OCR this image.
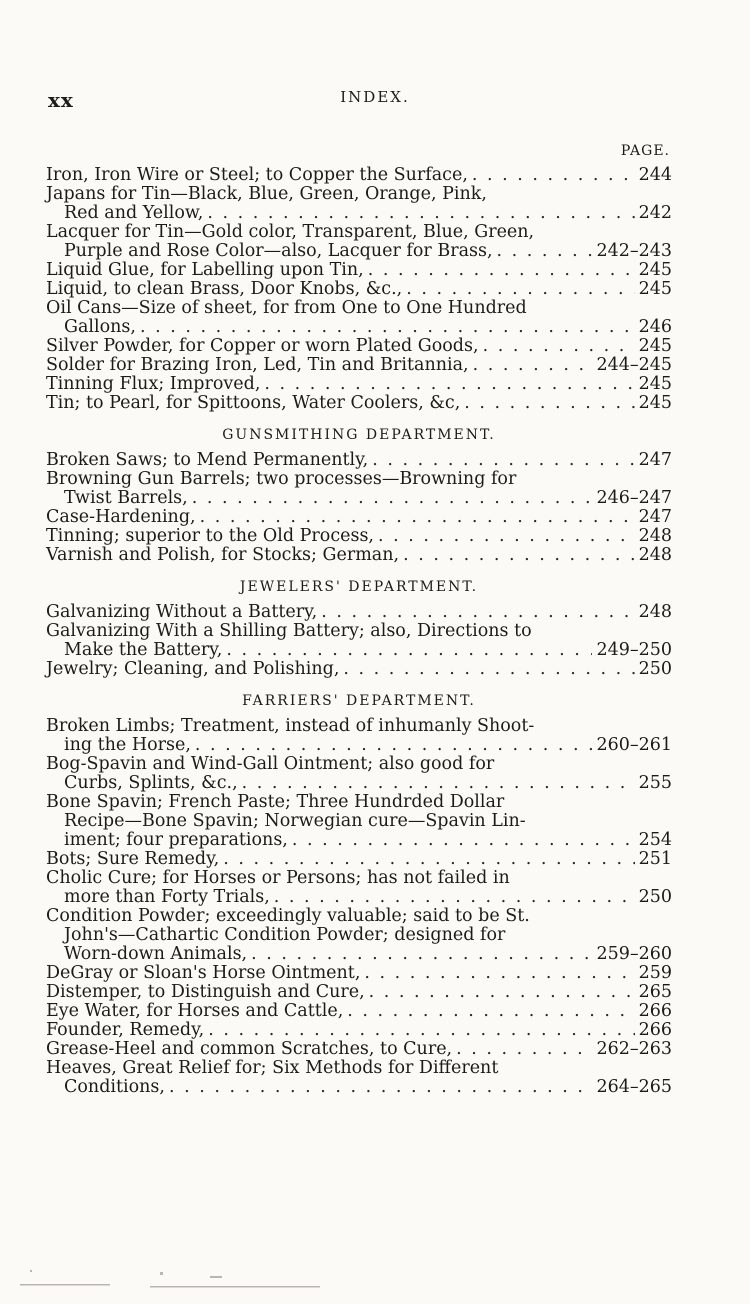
xx	INDEX.
PAGE.
Iron, Iron Wire or Steel; to Copper the Surface, . . .	244
Japans for Tin—Black, Blue, Green, Orange, Pink,
Red and Yellow, . . .	242
Lacquer for Tin—Gold color, Transparent, Blue, Green,
Purple and Rose Color—also, Lacquer for Brass, . . .	242–243
Liquid Glue, for Labelling upon Tin, . . .	245
Liquid, to clean Brass, Door Knobs, &c., . . .	245
Oil Cans—Size of sheet, for from One to One Hundred
Gallons, . . .	246
Silver Powder, for Copper or worn Plated Goods, . . .	245
Solder for Brazing Iron, Led, Tin and Britannia, . . .	244–245
Tinning Flux; Improved, . . .	245
Tin; to Pearl, for Spittoons, Water Coolers, &c, . . .	245
GUNSMITHING DEPARTMENT.
Broken Saws; to Mend Permanently, . . .	247
Browning Gun Barrels; two processes—Browning for
Twist Barrels, . . .	246–247
Case-Hardening, . . .	247
Tinning; superior to the Old Process, . . .	248
Varnish and Polish, for Stocks; German, . . .	248
JEWELERS' DEPARTMENT.
Galvanizing Without a Battery, . . .	248
Galvanizing With a Shilling Battery; also, Directions to
Make the Battery, . . .	249–250
Jewelry; Cleaning, and Polishing, . . .	250
FARRIERS' DEPARTMENT.
Broken Limbs; Treatment, instead of inhumanly Shoot-
ing the Horse, . . .	260–261
Bog-Spavin and Wind-Gall Ointment; also good for
Curbs, Splints, &c., . . .	255
Bone Spavin; French Paste; Three Hundrded Dollar
Recipe—Bone Spavin; Norwegian cure—Spavin Lin-
iment; four preparations, . . .	254
Bots; Sure Remedy, . . .	251
Cholic Cure; for Horses or Persons; has not failed in
more than Forty Trials, . . .	250
Condition Powder; exceedingly valuable; said to be St.
John's—Cathartic Condition Powder; designed for
Worn-down Animals, . . .	259–260
DeGray or Sloan's Horse Ointment, . . .	259
Distemper, to Distinguish and Cure, . . .	265
Eye Water, for Horses and Cattle, . . .	266
Founder, Remedy, . . .	266
Grease-Heel and common Scratches, to Cure, . . .	262–263
Heaves, Great Relief for; Six Methods for Different
Conditions, . . .	264–265
